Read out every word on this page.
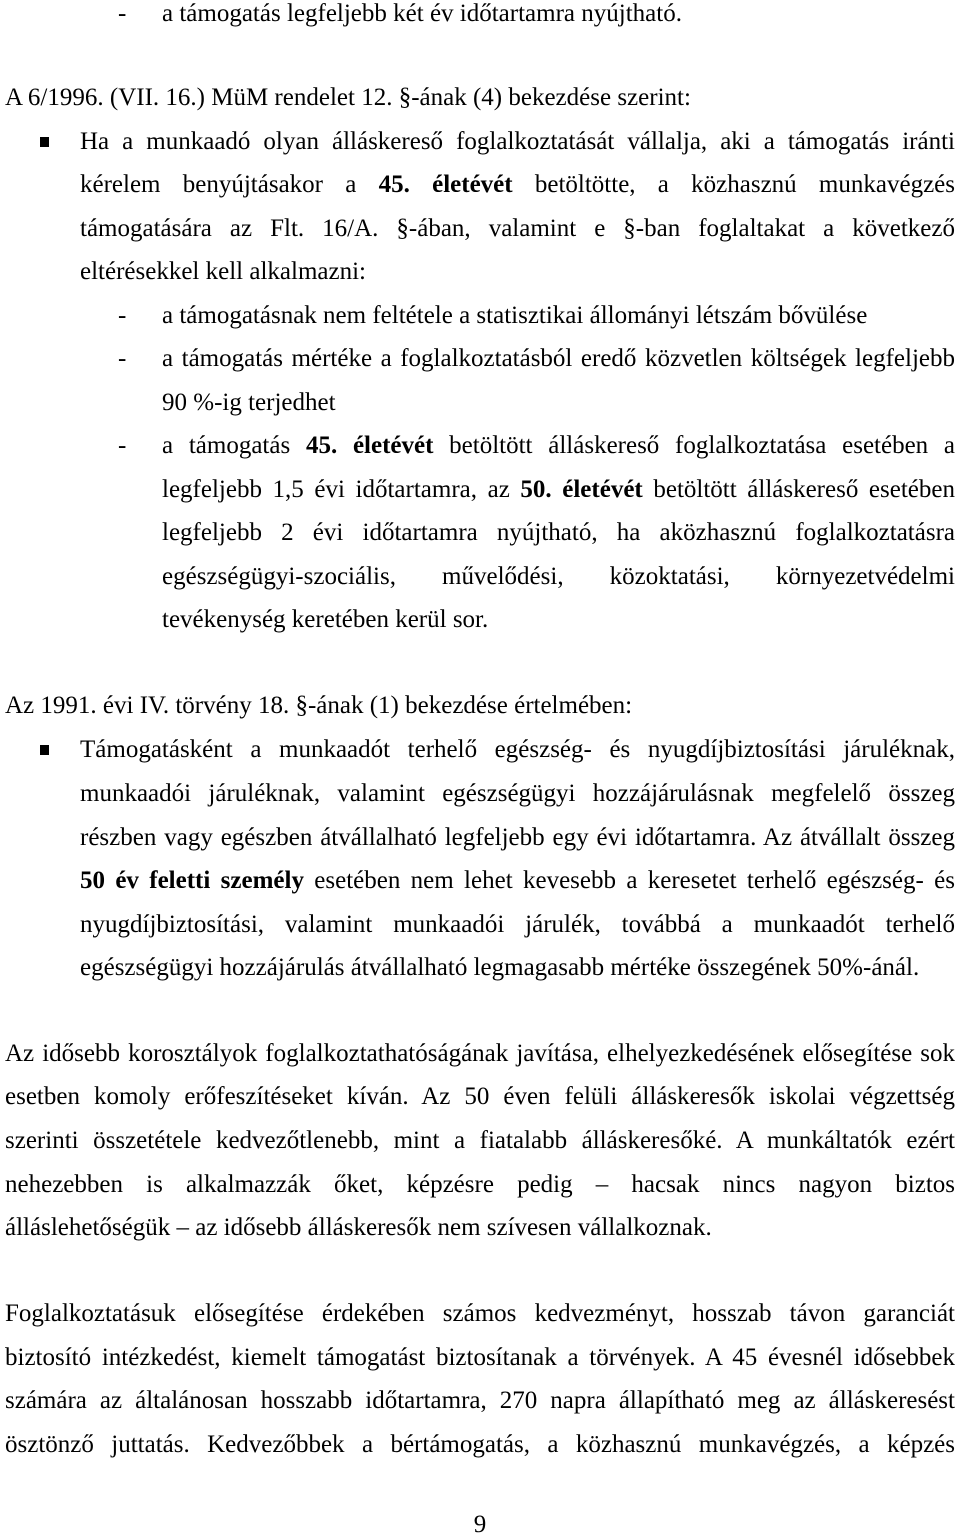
- a támogatás legfeljebb két év időtartamra nyújtható.
A 6/1996. (VII. 16.) MüM rendelet 12. §-ának (4) bekezdése szerint:
Ha a munkaadó olyan álláskereső foglalkoztatását vállalja, aki a támogatás iránti
kérelem benyújtásakor a 45. életévét betöltötte, a közhasznú munkavégzés
támogatására az Flt. 16/A. §-ában, valamint e §-ban foglaltakat a következő
eltérésekkel kell alkalmazni:
- a támogatásnak nem feltétele a statisztikai állományi létszám bővülése
- a támogatás mértéke a foglalkoztatásból eredő közvetlen költségek legfeljebb
90 %-ig terjedhet
- a támogatás 45. életévét betöltött álláskereső foglalkoztatása esetében a
legfeljebb 1,5 évi időtartamra, az 50. életévét betöltött álláskereső esetében
legfeljebb 2 évi időtartamra nyújtható, ha aközhasznú foglalkoztatásra
egészségügyi-szociális, művelődési, közoktatási, környezetvédelmi
tevékenység keretében kerül sor.
Az 1991. évi IV. törvény 18. §-ának (1) bekezdése értelmében:
Támogatásként a munkaadót terhelő egészség- és nyugdíjbiztosítási járuléknak,
munkaadói járuléknak, valamint egészségügyi hozzájárulásnak megfelelő összeg
részben vagy egészben átvállalható legfeljebb egy évi időtartamra. Az átvállalt összeg
50 év feletti személy esetében nem lehet kevesebb a keresetet terhelő egészség- és
nyugdíjbiztosítási, valamint munkaadói járulék, továbbá a munkaadót terhelő
egészségügyi hozzájárulás átvállalható legmagasabb mértéke összegének 50%-ánál.
Az idősebb korosztályok foglalkoztathatóságának javítása, elhelyezkedésének elősegítése sok
esetben komoly erőfeszítéseket kíván. Az 50 éven felüli álláskeresők iskolai végzettség
szerinti összetétele kedvezőtlenebb, mint a fiatalabb álláskeresőké. A munkáltatók ezért
nehezebben is alkalmazzák őket, képzésre pedig – hacsak nincs nagyon biztos
álláslehetőségük – az idősebb álláskeresők nem szívesen vállalkoznak.
Foglalkoztatásuk elősegítése érdekében számos kedvezményt, hosszab távon garanciát
biztosító intézkedést, kiemelt támogatást biztosítanak a törvények. A 45 évesnél idősebbek
számára az általánosan hosszabb időtartamra, 270 napra állapítható meg az álláskeresést
ösztönző juttatás. Kedvezőbbek a bértámogatás, a közhasznú munkavégzés, a képzés
9
